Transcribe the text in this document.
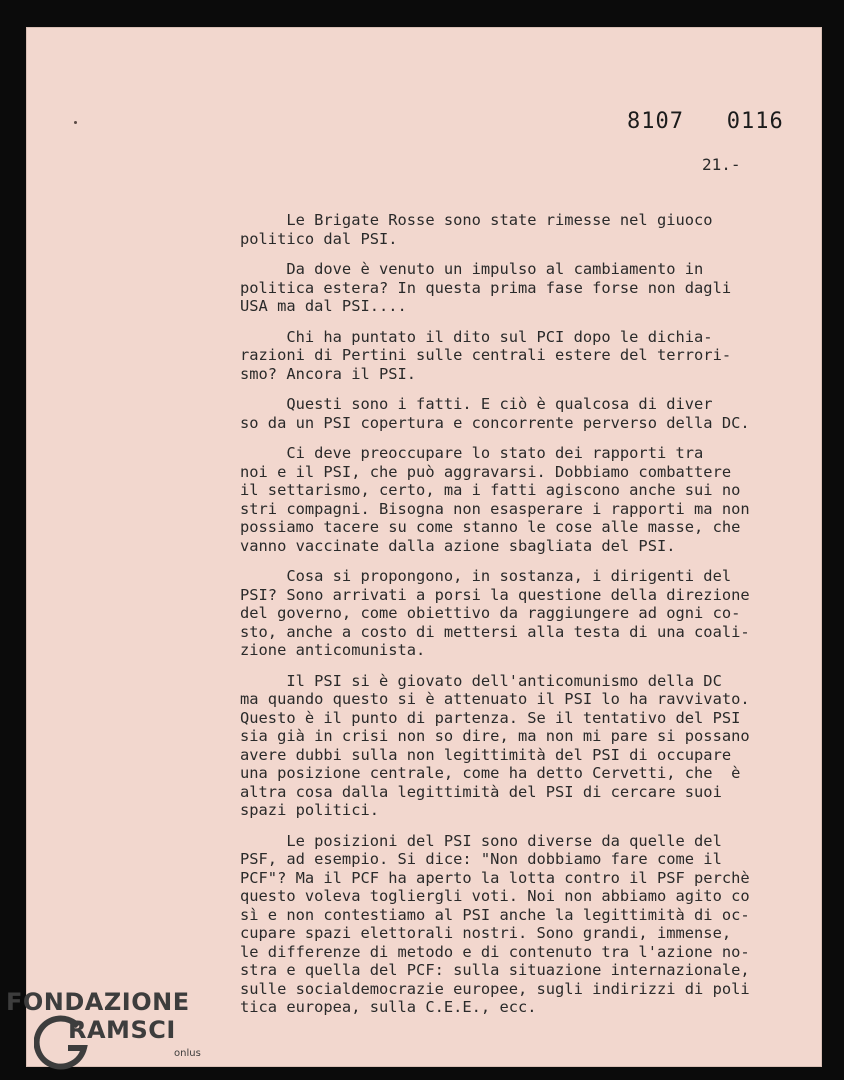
8107   0116
21.-
Le Brigate Rosse sono state rimesse nel giuoco
politico dal PSI.
Da dove è venuto un impulso al cambiamento in
politica estera? In questa prima fase forse non dagli
USA ma dal PSI....
Chi ha puntato il dito sul PCI dopo le dichia-
razioni di Pertini sulle centrali estere del terrori-
smo? Ancora il PSI.
Questi sono i fatti. E ciò è qualcosa di diver
so da un PSI copertura e concorrente perverso della DC.
Ci deve preoccupare lo stato dei rapporti tra
noi e il PSI, che può aggravarsi. Dobbiamo combattere
il settarismo, certo, ma i fatti agiscono anche sui no
stri compagni. Bisogna non esasperare i rapporti ma non
possiamo tacere su come stanno le cose alle masse, che
vanno vaccinate dalla azione sbagliata del PSI.
Cosa si propongono, in sostanza, i dirigenti del
PSI? Sono arrivati a porsi la questione della direzione
del governo, come obiettivo da raggiungere ad ogni co-
sto, anche a costo di mettersi alla testa di una coali-
zione anticomunista.
Il PSI si è giovato dell'anticomunismo della DC
ma quando questo si è attenuato il PSI lo ha ravvivato.
Questo è il punto di partenza. Se il tentativo del PSI
sia già in crisi non so dire, ma non mi pare si possano
avere dubbi sulla non legittimità del PSI di occupare
una posizione centrale, come ha detto Cervetti, che  è
altra cosa dalla legittimità del PSI di cercare suoi
spazi politici.
Le posizioni del PSI sono diverse da quelle del
PSF, ad esempio. Si dice: "Non dobbiamo fare come il
PCF"? Ma il PCF ha aperto la lotta contro il PSF perchè
questo voleva togliergli voti. Noi non abbiamo agito co
sì e non contestiamo al PSI anche la legittimità di oc-
cupare spazi elettorali nostri. Sono grandi, immense,
le differenze di metodo e di contenuto tra l'azione no-
stra e quella del PCF: sulla situazione internazionale,
sulle socialdemocrazie europee, sugli indirizzi di poli
tica europea, sulla C.E.E., ecc.
FONDAZIONE
RAMSCI
onlus
